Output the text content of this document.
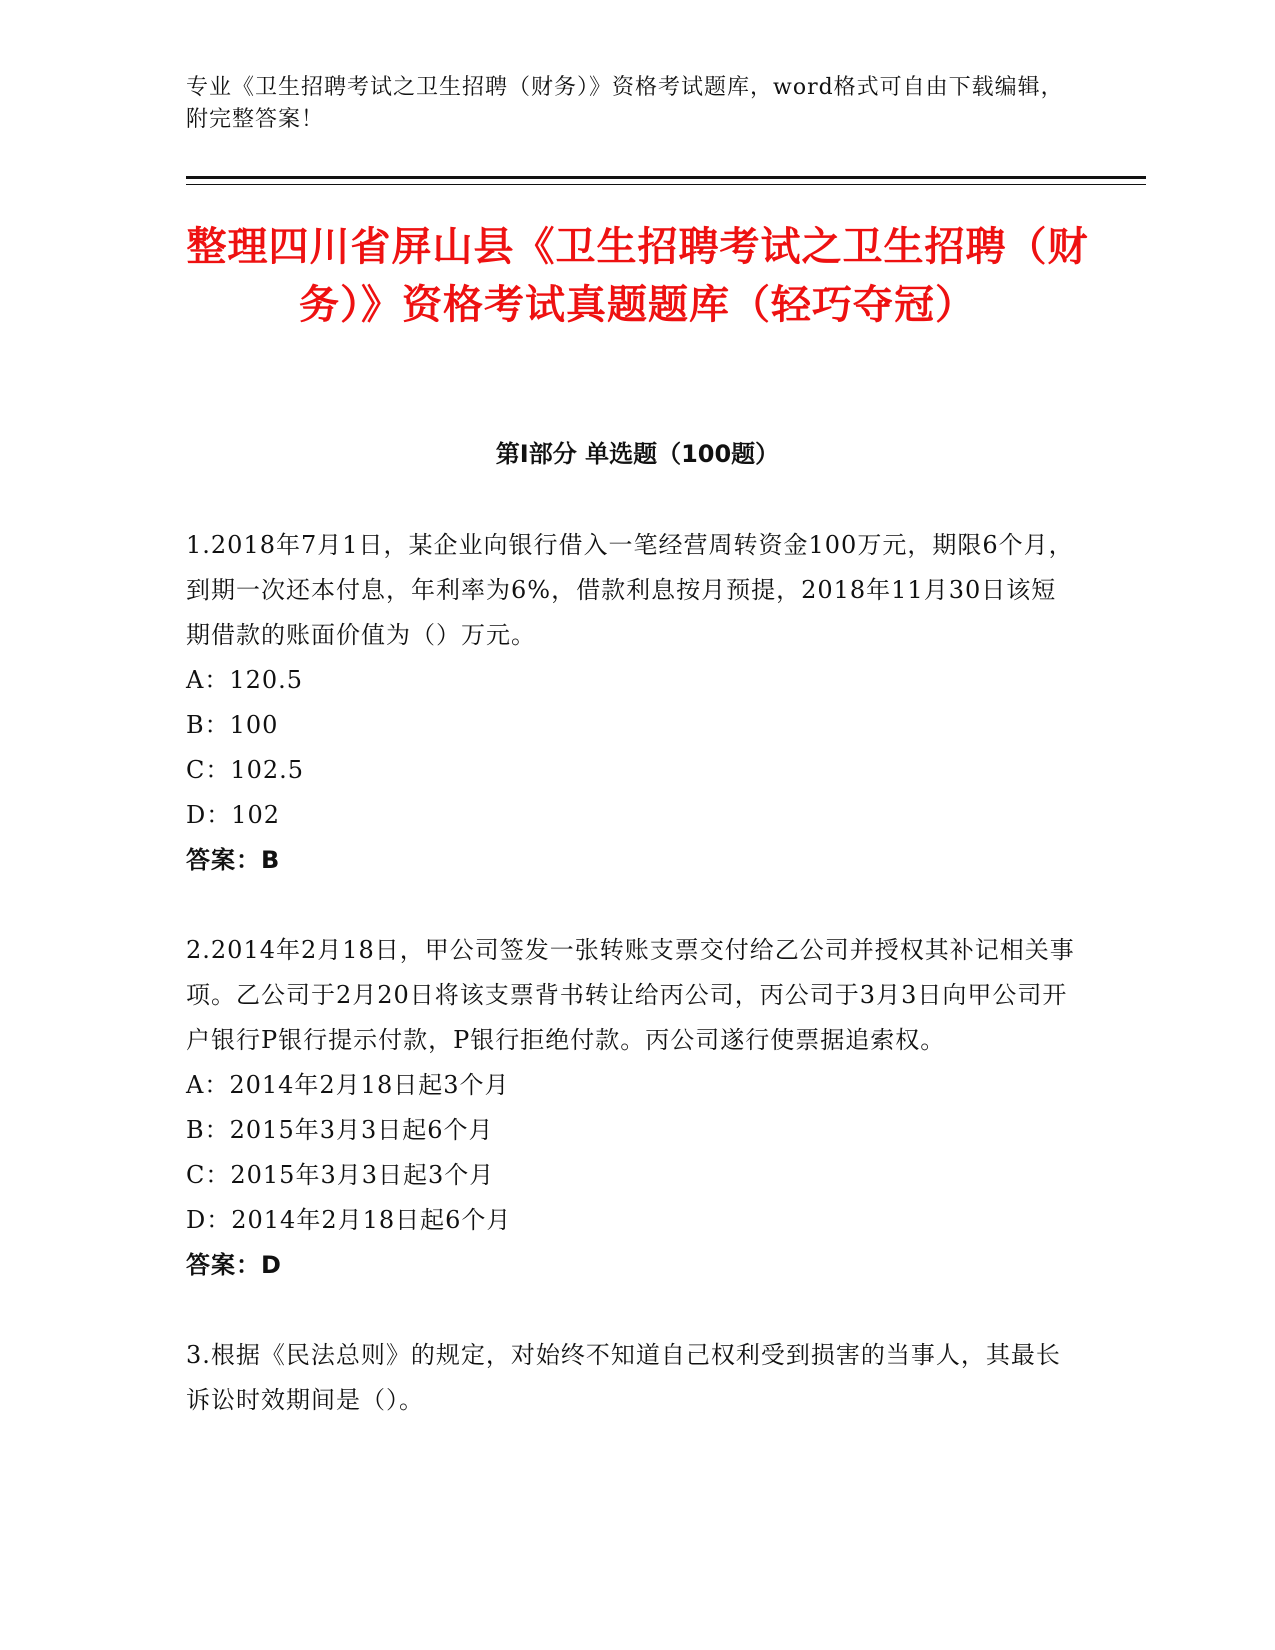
专业《卫生招聘考试之卫生招聘（财务）》资格考试题库，word格式可自由下载编辑，附完整答案！
整理四川省屏山县《卫生招聘考试之卫生招聘（财务）》资格考试真题题库（轻巧夺冠）
第I部分 单选题（100题）

1.2018年7月1日，某企业向银行借入一笔经营周转资金100万元，期限6个月，到期一次还本付息，年利率为6%，借款利息按月预提，2018年11月30日该短期借款的账面价值为（）万元。

A：120.5

B：100

C：102.5

D：102

答案：B

2.2014年2月18日，甲公司签发一张转账支票交付给乙公司并授权其补记相关事项。乙公司于2月20日将该支票背书转让给丙公司，丙公司于3月3日向甲公司开户银行P银行提示付款，P银行拒绝付款。丙公司遂行使票据追索权。

A：2014年2月18日起3个月

B：2015年3月3日起6个月

C：2015年3月3日起3个月

D：2014年2月18日起6个月

答案：D

3.根据《民法总则》的规定，对始终不知道自己权利受到损害的当事人，其最长诉讼时效期间是（）。
